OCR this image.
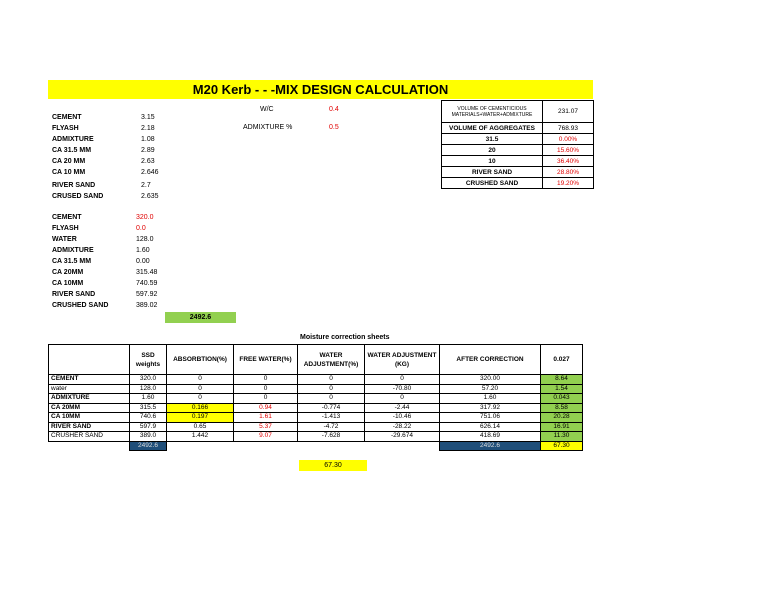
M20 Kerb - - -MIX DESIGN CALCULATION
CEMENT	3.15
FLYASH	2.18
ADMIXTURE	1.08
CA 31.5 MM	2.89
CA 20 MM	2.63
CA 10 MM	2.646
RIVER SAND	2.7
CRUSED SAND	2.635
W/C	0.4
ADMIXTURE %	0.5
CEMENT	320.0
FLYASH	0.0
WATER	128.0
ADMIXTURE	1.60
CA 31.5 MM	0.00
CA 20MM	315.48
CA 10MM	740.59
RIVER SAND	597.92
CRUSHED SAND	389.02
2492.6
VOLUME OF CEMENTICIOUS MATERIALS+WATER+ADMIXTURE	231.07
VOLUME OF AGGREGATES	768.93
31.5	0.00%
20	15.60%
10	36.40%
RIVER SAND	28.80%
CRUSHED SAND	19.20%
Moisture correction sheets
	SSD weights	ABSORBTION(%)	FREE WATER(%)	WATER ADJUSTMENT(%)	WATER ADJUSTMENT (KG)	AFTER CORRECTION	0.027
CEMENT	320.0	0	0	0	0	320.00	8.64
water	128.0	0	0	0	-70.80	57.20	1.54
ADMIXTURE	1.60	0	0	0	0	1.60	0.043
CA 20MM	315.5	0.166	0.94	-0.774	-2.44	317.92	8.58
CA 10MM	740.6	0.197	1.61	-1.413	-10.46	751.06	20.28
RIVER SAND	597.9	0.65	5.37	-4.72	-28.22	626.14	16.91
CRUSHER SAND	389.0	1.442	9.07	-7.628	-29.674	418.69	11.30
	2492.6					2492.6	67.30
67.30
